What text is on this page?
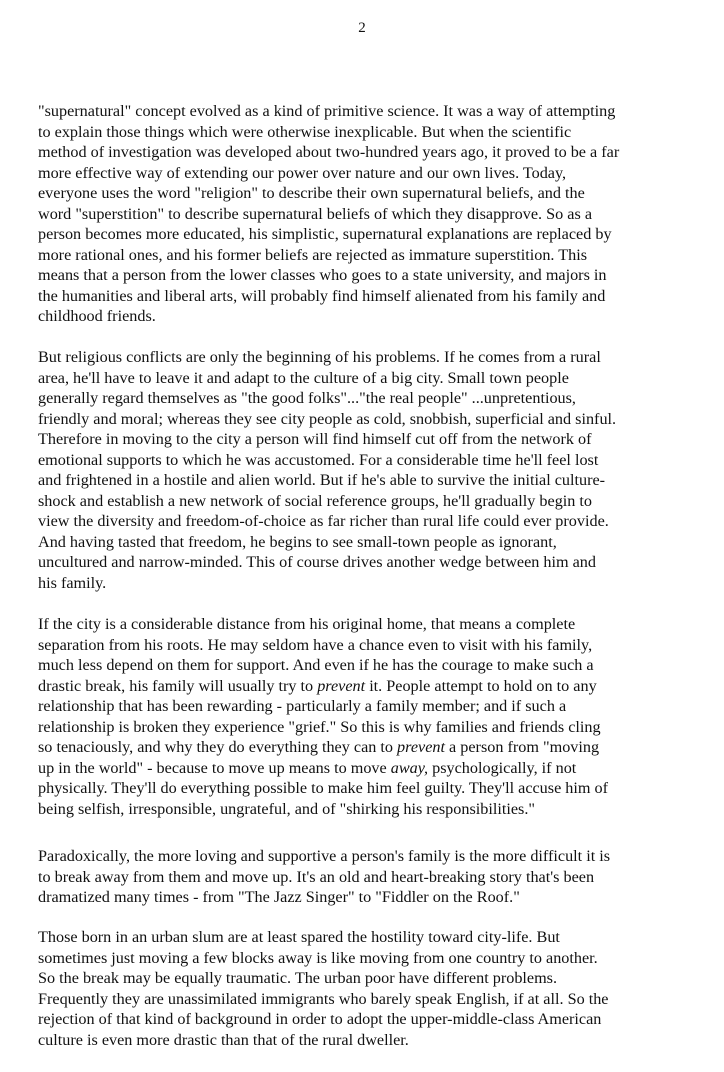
2
"supernatural" concept evolved as a kind of primitive science. It was a way of attempting
to explain those things which were otherwise inexplicable. But when the scientific
method of investigation was developed about two-hundred years ago, it proved to be a far
more effective way of extending our power over nature and our own lives. Today,
everyone uses the word "religion" to describe their own supernatural beliefs, and the
word "superstition" to describe supernatural beliefs of which they disapprove. So as a
person becomes more educated, his simplistic, supernatural explanations are replaced by
more rational ones, and his former beliefs are rejected as immature superstition. This
means that a person from the lower classes who goes to a state university, and majors in
the humanities and liberal arts, will probably find himself alienated from his family and
childhood friends.
But religious conflicts are only the beginning of his problems. If he comes from a rural
area, he'll have to leave it and adapt to the culture of a big city. Small town people
generally regard themselves as "the good folks"..."the real people" ...unpretentious,
friendly and moral; whereas they see city people as cold, snobbish, superficial and sinful.
Therefore in moving to the city a person will find himself cut off from the network of
emotional supports to which he was accustomed. For a considerable time he'll feel lost
and frightened in a hostile and alien world. But if he's able to survive the initial culture-
shock and establish a new network of social reference groups, he'll gradually begin to
view the diversity and freedom-of-choice as far richer than rural life could ever provide.
And having tasted that freedom, he begins to see small-town people as ignorant,
uncultured and narrow-minded. This of course drives another wedge between him and
his family.
If the city is a considerable distance from his original home, that means a complete
separation from his roots. He may seldom have a chance even to visit with his family,
much less depend on them for support. And even if he has the courage to make such a
drastic break, his family will usually try to prevent it. People attempt to hold on to any
relationship that has been rewarding - particularly a family member; and if such a
relationship is broken they experience "grief." So this is why families and friends cling
so tenaciously, and why they do everything they can to prevent a person from "moving
up in the world" - because to move up means to move away, psychologically, if not
physically. They'll do everything possible to make him feel guilty. They'll accuse him of
being selfish, irresponsible, ungrateful, and of "shirking his responsibilities."
Paradoxically, the more loving and supportive a person's family is the more difficult it is
to break away from them and move up. It's an old and heart-breaking story that's been
dramatized many times - from "The Jazz Singer" to "Fiddler on the Roof."
Those born in an urban slum are at least spared the hostility toward city-life. But
sometimes just moving a few blocks away is like moving from one country to another.
So the break may be equally traumatic. The urban poor have different problems.
Frequently they are unassimilated immigrants who barely speak English, if at all. So the
rejection of that kind of background in order to adopt the upper-middle-class American
culture is even more drastic than that of the rural dweller.
